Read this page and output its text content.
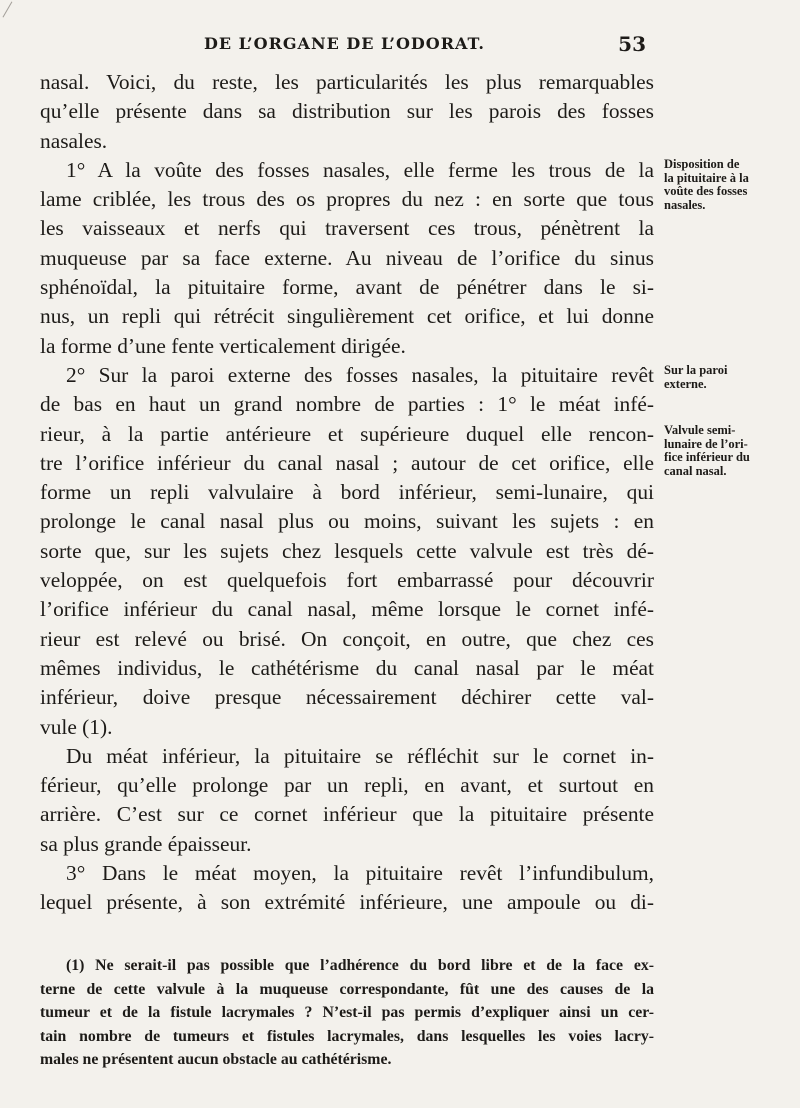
DE L’ORGANE DE L’ODORAT.	53
nasal. Voici, du reste, les particularités les plus remarquables
qu’elle présente dans sa distribution sur les parois des fosses
nasales.
1° A la voûte des fosses nasales, elle ferme les trous de la
lame criblée, les trous des os propres du nez : en sorte que tous
les vaisseaux et nerfs qui traversent ces trous, pénètrent la
muqueuse par sa face externe. Au niveau de l’orifice du sinus
sphénoïdal, la pituitaire forme, avant de pénétrer dans le si-
nus, un repli qui rétrécit singulièrement cet orifice, et lui donne
la forme d’une fente verticalement dirigée.
2° Sur la paroi externe des fosses nasales, la pituitaire revêt
de bas en haut un grand nombre de parties : 1° le méat infé-
rieur, à la partie antérieure et supérieure duquel elle rencon-
tre l’orifice inférieur du canal nasal ; autour de cet orifice, elle
forme un repli valvulaire à bord inférieur, semi-lunaire, qui
prolonge le canal nasal plus ou moins, suivant les sujets : en
sorte que, sur les sujets chez lesquels cette valvule est très dé-
veloppée, on est quelquefois fort embarrassé pour découvrir
l’orifice inférieur du canal nasal, même lorsque le cornet infé-
rieur est relevé ou brisé. On conçoit, en outre, que chez ces
mêmes individus, le cathétérisme du canal nasal par le méat
inférieur, doive presque nécessairement déchirer cette val-
vule (1).
Du méat inférieur, la pituitaire se réfléchit sur le cornet in-
férieur, qu’elle prolonge par un repli, en avant, et surtout en
arrière. C’est sur ce cornet inférieur que la pituitaire présente
sa plus grande épaisseur.
3° Dans le méat moyen, la pituitaire revêt l’infundibulum,
lequel présente, à son extrémité inférieure, une ampoule ou di-
Disposition de
la pituitaire à la
voûte des fosses
nasales.
Sur la paroi
externe.
Valvule semi-
lunaire de l’ori-
fice inférieur du
canal nasal.
(1) Ne serait-il pas possible que l’adhérence du bord libre et de la face ex-
terne de cette valvule à la muqueuse correspondante, fût une des causes de la
tumeur et de la fistule lacrymales ? N’est-il pas permis d’expliquer ainsi un cer-
tain nombre de tumeurs et fistules lacrymales, dans lesquelles les voies lacry-
males ne présentent aucun obstacle au cathétérisme.
